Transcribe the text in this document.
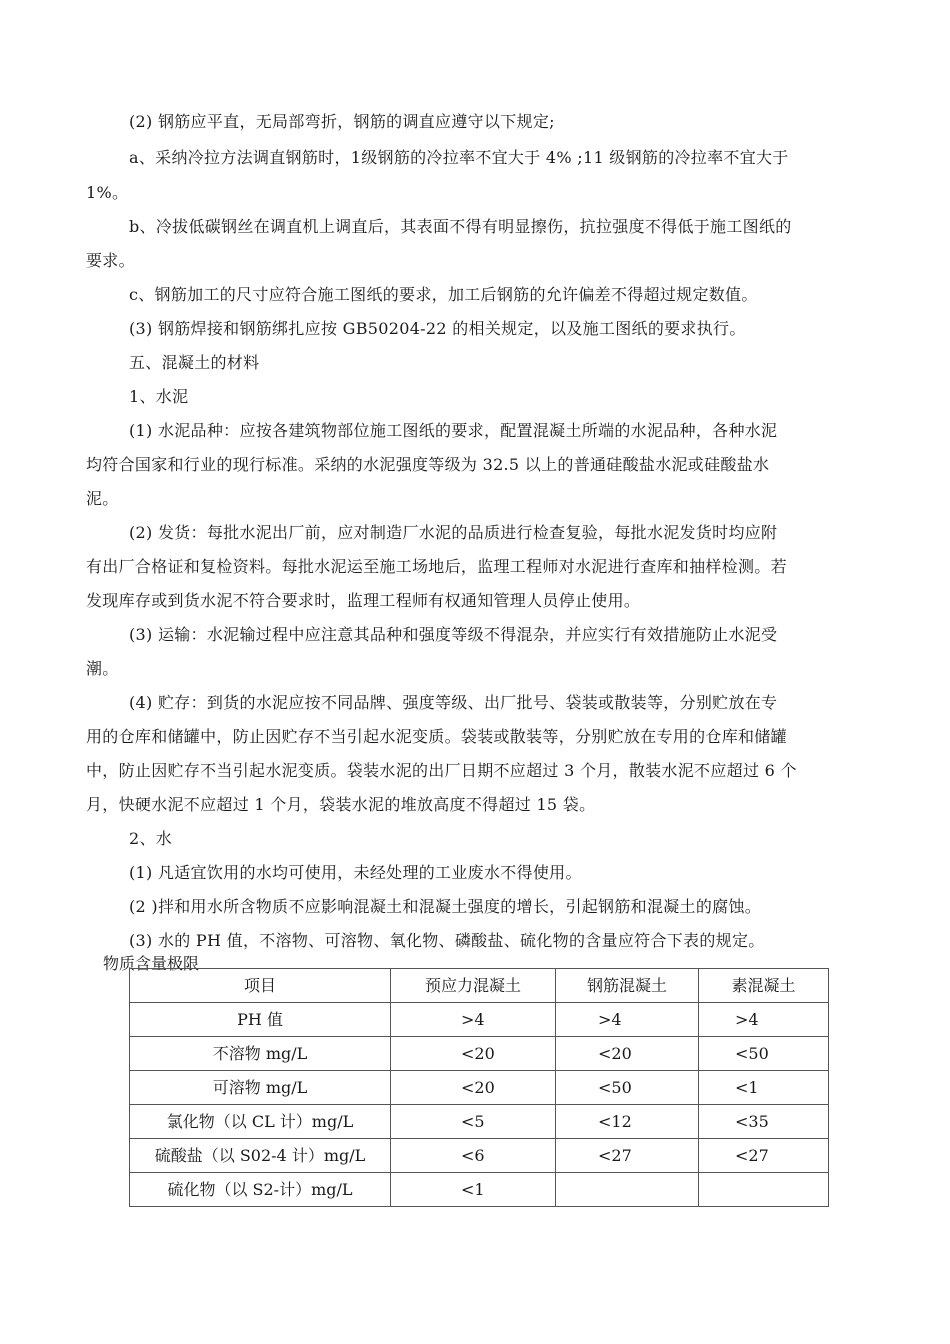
(2) 钢筋应平直，无局部弯折，钢筋的调直应遵守以下规定;
a、采纳冷拉方法调直钢筋时，1级钢筋的冷拉率不宜大于 4% ;11 级钢筋的冷拉率不宜大于
1%。
b、冷拔低碳钢丝在调直机上调直后，其表面不得有明显擦伤，抗拉强度不得低于施工图纸的
要求。
c、钢筋加工的尺寸应符合施工图纸的要求，加工后钢筋的允许偏差不得超过规定数值。
(3) 钢筋焊接和钢筋绑扎应按 GB50204-22 的相关规定，以及施工图纸的要求执行。
五、混凝土的材料
1、水泥
(1) 水泥品种：应按各建筑物部位施工图纸的要求，配置混凝土所端的水泥品种，各种水泥
均符合国家和行业的现行标准。采纳的水泥强度等级为 32.5 以上的普通硅酸盐水泥或硅酸盐水
泥。
(2) 发货：每批水泥出厂前，应对制造厂水泥的品质进行检查复验，每批水泥发货时均应附
有出厂合格证和复检资料。每批水泥运至施工场地后，监理工程师对水泥进行查库和抽样检测。若
发现库存或到货水泥不符合要求时，监理工程师有权通知管理人员停止使用。
(3) 运输：水泥输过程中应注意其品种和强度等级不得混杂，并应实行有效措施防止水泥受
潮。
(4) 贮存：到货的水泥应按不同品牌、强度等级、出厂批号、袋装或散装等，分别贮放在专
用的仓库和储罐中，防止因贮存不当引起水泥变质。袋装或散装等，分别贮放在专用的仓库和储罐
中，防止因贮存不当引起水泥变质。袋装水泥的出厂日期不应超过 3 个月，散装水泥不应超过 6 个
月，快硬水泥不应超过 1 个月，袋装水泥的堆放高度不得超过 15 袋。
2、水
(1) 凡适宜饮用的水均可使用，未经处理的工业废水不得使用。
(2 )拌和用水所含物质不应影响混凝土和混凝土强度的增长，引起钢筋和混凝土的腐蚀。
(3) 水的 PH 值，不溶物、可溶物、氧化物、磷酸盐、硫化物的含量应符合下表的规定。
物质含量极限
项目	预应力混凝土	钢筋混凝土	素混凝土
PH 值	>4	>4	>4
不溶物 mg/L	<20	<20	<50
可溶物 mg/L	<20	<50	<1
氯化物（以 CL 计）mg/L	<5	<12	<35
硫酸盐（以 S02-4 计）mg/L	<6	<27	<27
硫化物（以 S2-计）mg/L	<1		
